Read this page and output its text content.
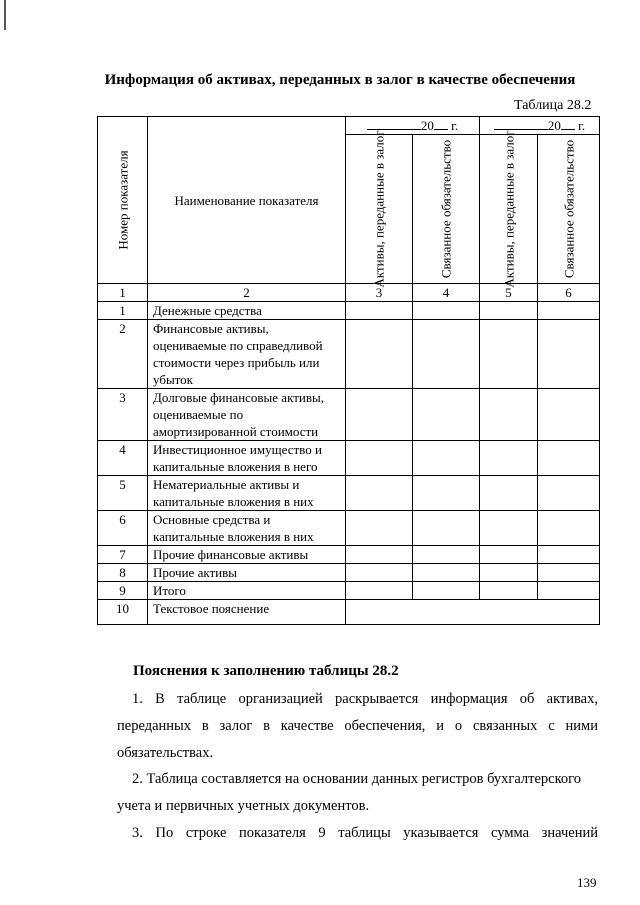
Информация об активах, переданных в залог в качестве обеспечения
Таблица 28.2
Номер показателя	Наименование показателя	20 г.		20 г.	

		Активы, переданные в залог	Связанное обязательство	Активы, переданные в залог	Связанное обязательство

1	2	3	4	5	6
1	Денежные средства				
2	Финансовые активы, оцениваемые по справедливой стоимости через прибыль или убыток				
3	Долговые финансовые активы, оцениваемые по амортизированной стоимости				
4	Инвестиционное имущество и капитальные вложения в него				
5	Нематериальные активы и капитальные вложения в них				
6	Основные средства и капитальные вложения в них				
7	Прочие финансовые активы				
8	Прочие активы				
9	Итого				
10	Текстовое пояснение				
Пояснения к заполнению таблицы 28.2
1. В таблице организацией раскрывается информация об активах, переданных в залог в качестве обеспечения, и о связанных с ними обязательствах.
2. Таблица составляется на основании данных регистров бухгалтерского учета и первичных учетных документов.
3. По строке показателя 9 таблицы указывается сумма значений
139
